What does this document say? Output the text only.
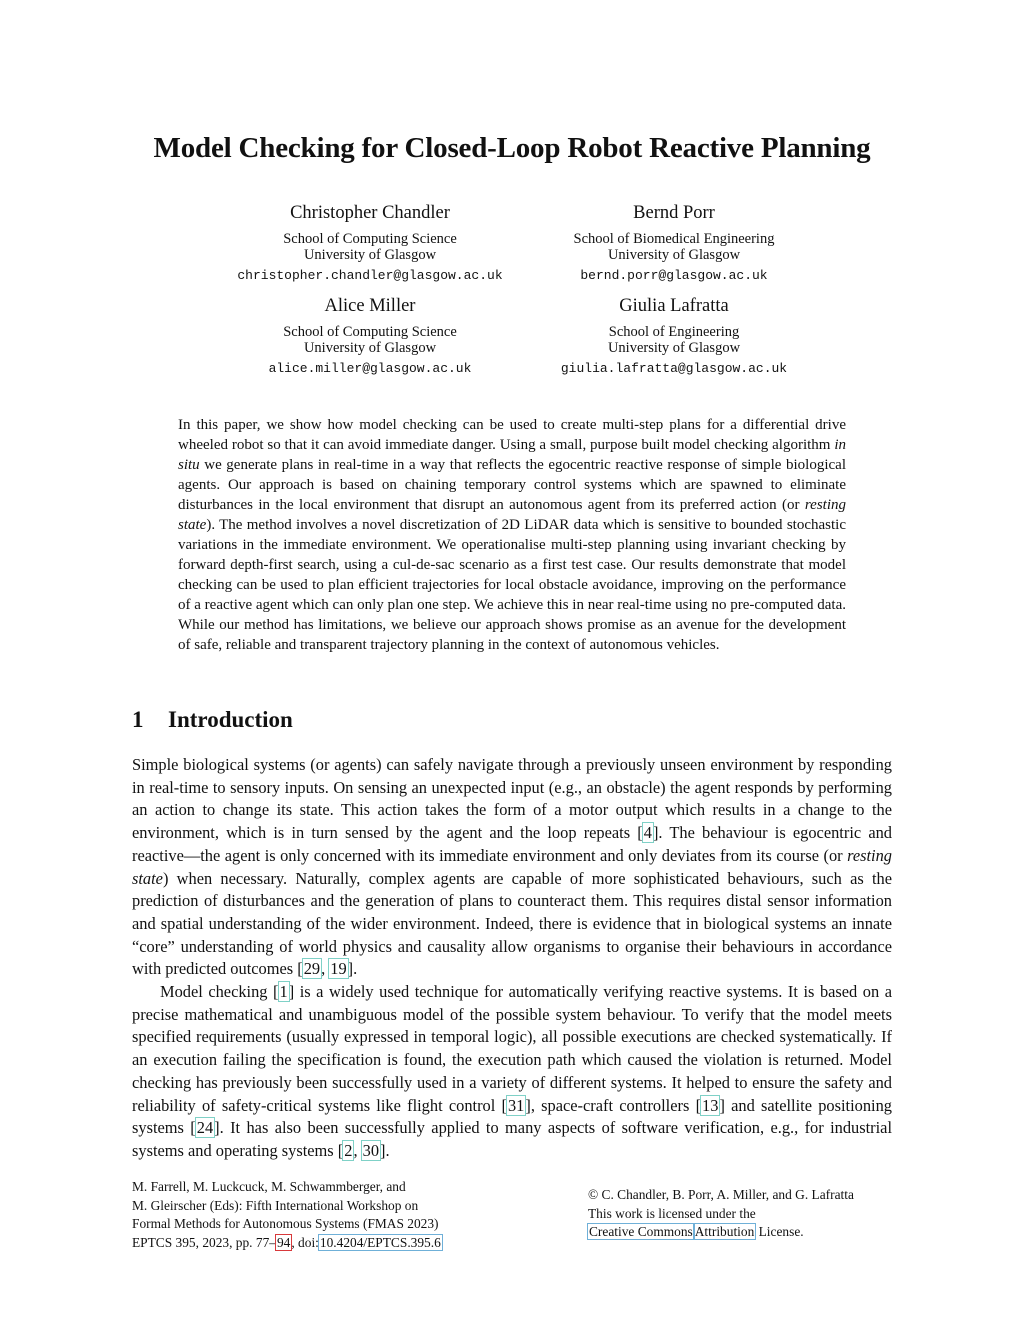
Model Checking for Closed-Loop Robot Reactive Planning
Christopher Chandler
School of Computing Science
University of Glasgow
christopher.chandler@glasgow.ac.uk
Bernd Porr
School of Biomedical Engineering
University of Glasgow
bernd.porr@glasgow.ac.uk
Alice Miller
School of Computing Science
University of Glasgow
alice.miller@glasgow.ac.uk
Giulia Lafratta
School of Engineering
University of Glasgow
giulia.lafratta@glasgow.ac.uk
In this paper, we show how model checking can be used to create multi-step plans for a differential drive wheeled robot so that it can avoid immediate danger. Using a small, purpose built model checking algorithm in situ we generate plans in real-time in a way that reflects the egocentric reactive response of simple biological agents. Our approach is based on chaining temporary control systems which are spawned to eliminate disturbances in the local environment that disrupt an autonomous agent from its preferred action (or resting state). The method involves a novel discretization of 2D LiDAR data which is sensitive to bounded stochastic variations in the immediate environment. We operationalise multi-step planning using invariant checking by forward depth-first search, using a cul-de-sac scenario as a first test case. Our results demonstrate that model checking can be used to plan efficient trajectories for local obstacle avoidance, improving on the performance of a reactive agent which can only plan one step. We achieve this in near real-time using no pre-computed data. While our method has limitations, we believe our approach shows promise as an avenue for the development of safe, reliable and transparent trajectory planning in the context of autonomous vehicles.
1 Introduction

Simple biological systems (or agents) can safely navigate through a previously unseen environment by responding in real-time to sensory inputs. On sensing an unexpected input (e.g., an obstacle) the agent responds by performing an action to change its state. This action takes the form of a motor output which results in a change to the environment, which is in turn sensed by the agent and the loop repeats [4]. The behaviour is egocentric and reactive—the agent is only concerned with its immediate environment and only deviates from its course (or resting state) when necessary. Naturally, complex agents are capable of more sophisticated behaviours, such as the prediction of disturbances and the generation of plans to counteract them. This requires distal sensor information and spatial understanding of the wider environment. Indeed, there is evidence that in biological systems an innate “core” understanding of world physics and causality allow organisms to organise their behaviours in accordance with predicted outcomes [29, 19].

Model checking [1] is a widely used technique for automatically verifying reactive systems. It is based on a precise mathematical and unambiguous model of the possible system behaviour. To verify that the model meets specified requirements (usually expressed in temporal logic), all possible executions are checked systematically. If an execution failing the specification is found, the execution path which caused the violation is returned. Model checking has previously been successfully used in a variety of different systems. It helped to ensure the safety and reliability of safety-critical systems like flight control [31], space-craft controllers [13] and satellite positioning systems [24]. It has also been successfully applied to many aspects of software verification, e.g., for industrial systems and operating systems [2, 30].

M. Farrell, M. Luckcuck, M. Schwammberger, and
M. Gleirscher (Eds): Fifth International Workshop on
Formal Methods for Autonomous Systems (FMAS 2023)
EPTCS 395, 2023, pp. 77–94, doi:10.4204/EPTCS.395.6
© C. Chandler, B. Porr, A. Miller, and G. Lafratta
This work is licensed under the
Creative Commons Attribution License.
